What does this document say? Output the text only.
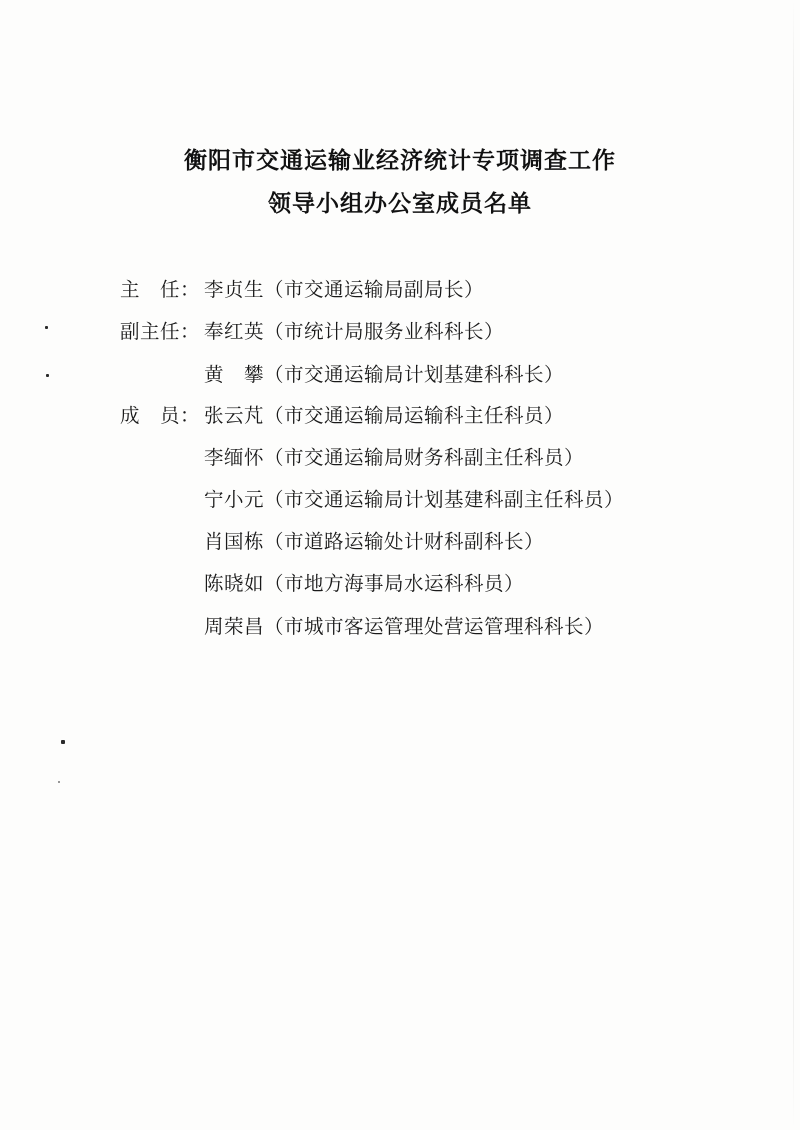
衡阳市交通运输业经济统计专项调查工作
领导小组办公室成员名单
主　任： 李贞生（市交通运输局副局长）
副主任： 奉红英（市统计局服务业科科长）
黄　攀（市交通运输局计划基建科科长）
成　员： 张云芃（市交通运输局运输科主任科员）
李缅怀（市交通运输局财务科副主任科员）
宁小元（市交通运输局计划基建科副主任科员）
肖国栋（市道路运输处计财科副科长）
陈晓如（市地方海事局水运科科员）
周荣昌（市城市客运管理处营运管理科科长）
